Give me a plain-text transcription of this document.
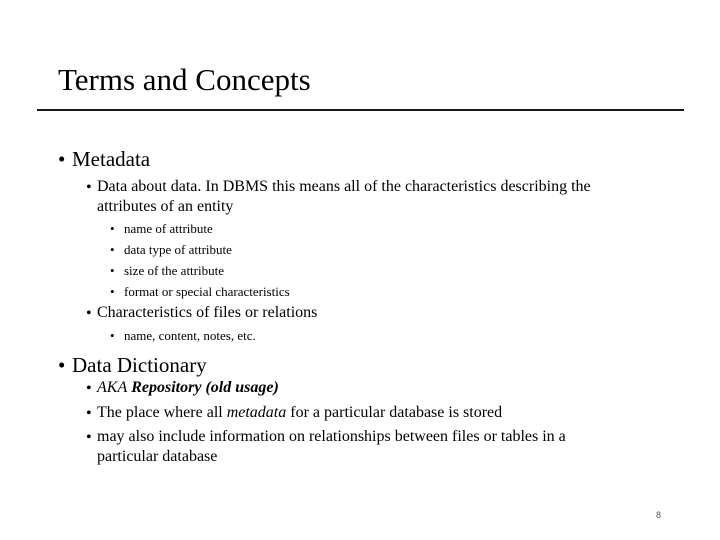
Terms and Concepts
• Metadata
• Data about data. In DBMS this means all of the characteristics describing the
attributes of an entity
• name of attribute
• data type of attribute
• size of the attribute
• format or special characteristics
• Characteristics of files or relations
• name, content, notes, etc.
• Data Dictionary
• AKA Repository (old usage)
• The place where all metadata for a particular database is stored
• may also include information on relationships between files or tables in a
particular database
8
